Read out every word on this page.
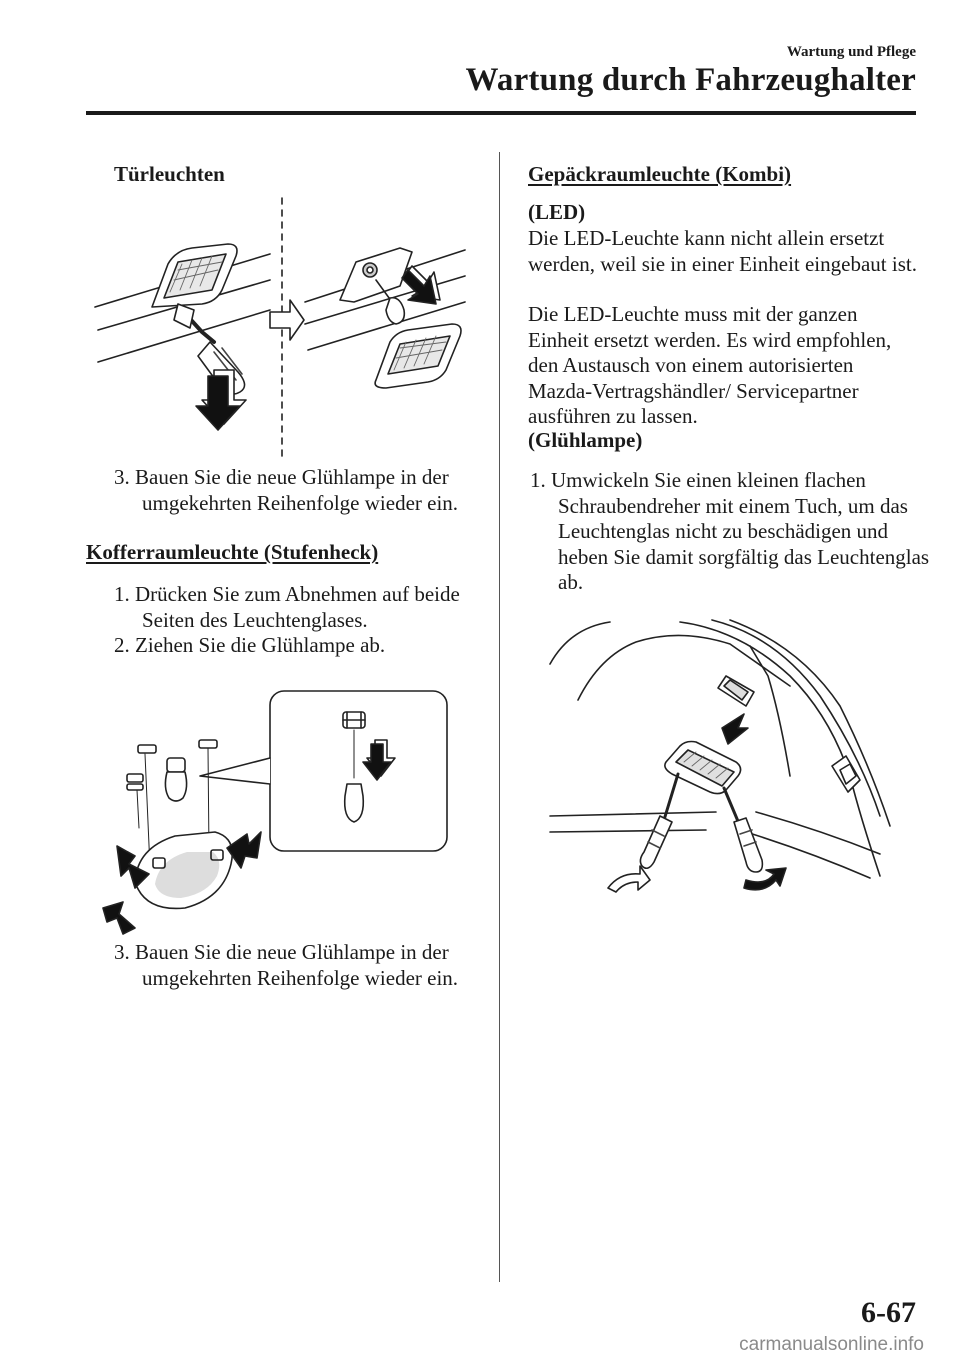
Wartung und Pflege
Wartung durch Fahrzeughalter
Türleuchten
3. Bauen Sie die neue Glühlampe in der umgekehrten Reihenfolge wieder ein.
Kofferraumleuchte (Stufenheck)
1. Drücken Sie zum Abnehmen auf beide Seiten des Leuchtenglases.
2. Ziehen Sie die Glühlampe ab.
3. Bauen Sie die neue Glühlampe in der umgekehrten Reihenfolge wieder ein.
Gepäckraumleuchte (Kombi)
(LED)
Die LED-Leuchte kann nicht allein ersetzt werden, weil sie in einer Einheit eingebaut ist.
Die LED-Leuchte muss mit der ganzen Einheit ersetzt werden. Es wird empfohlen, den Austausch von einem autorisierten Mazda-Vertragshändler/ Servicepartner ausführen zu lassen.
(Glühlampe)
1. Umwickeln Sie einen kleinen flachen Schraubendreher mit einem Tuch, um das Leuchtenglas nicht zu beschädigen und heben Sie damit sorgfältig das Leuchtenglas ab.
6-67
carmanualsonline.info
